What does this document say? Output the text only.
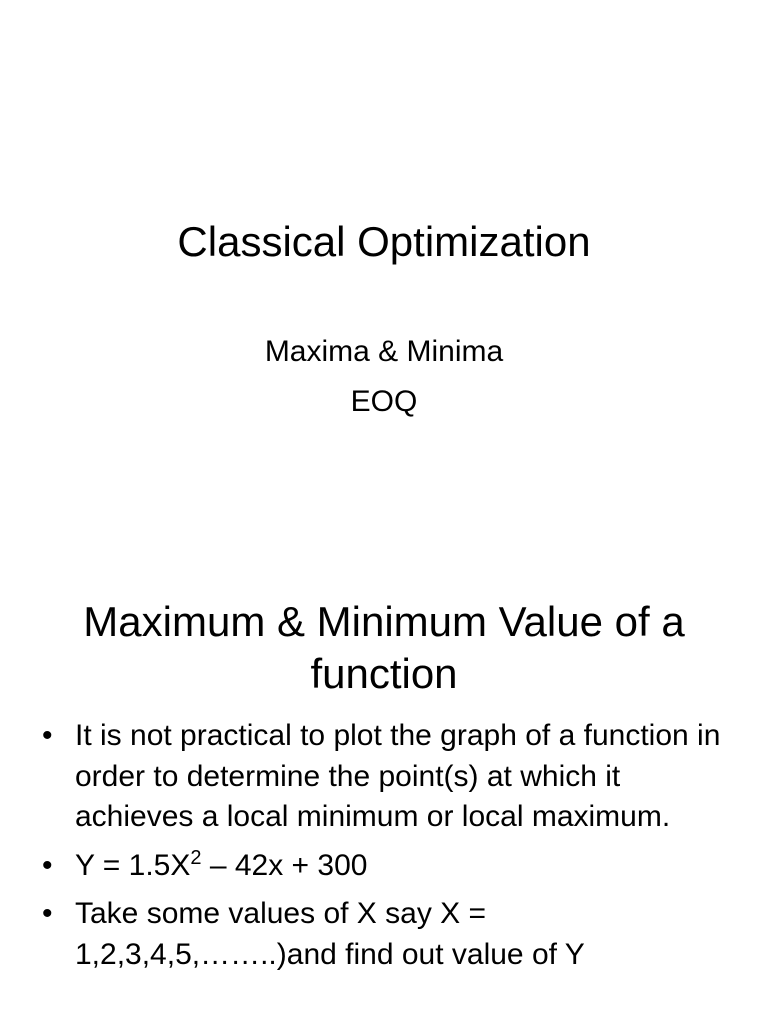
Classical Optimization
Maxima & Minima
EOQ
Maximum & Minimum Value of a function
• It is not practical to plot the graph of a function in order to determine the point(s) at which it achieves a local minimum or local maximum.
• $Y = 1.5X^2 - 42x + 300$
• Take some values of X say X = 1,2,3,4,5,……..)and find out value of Y
